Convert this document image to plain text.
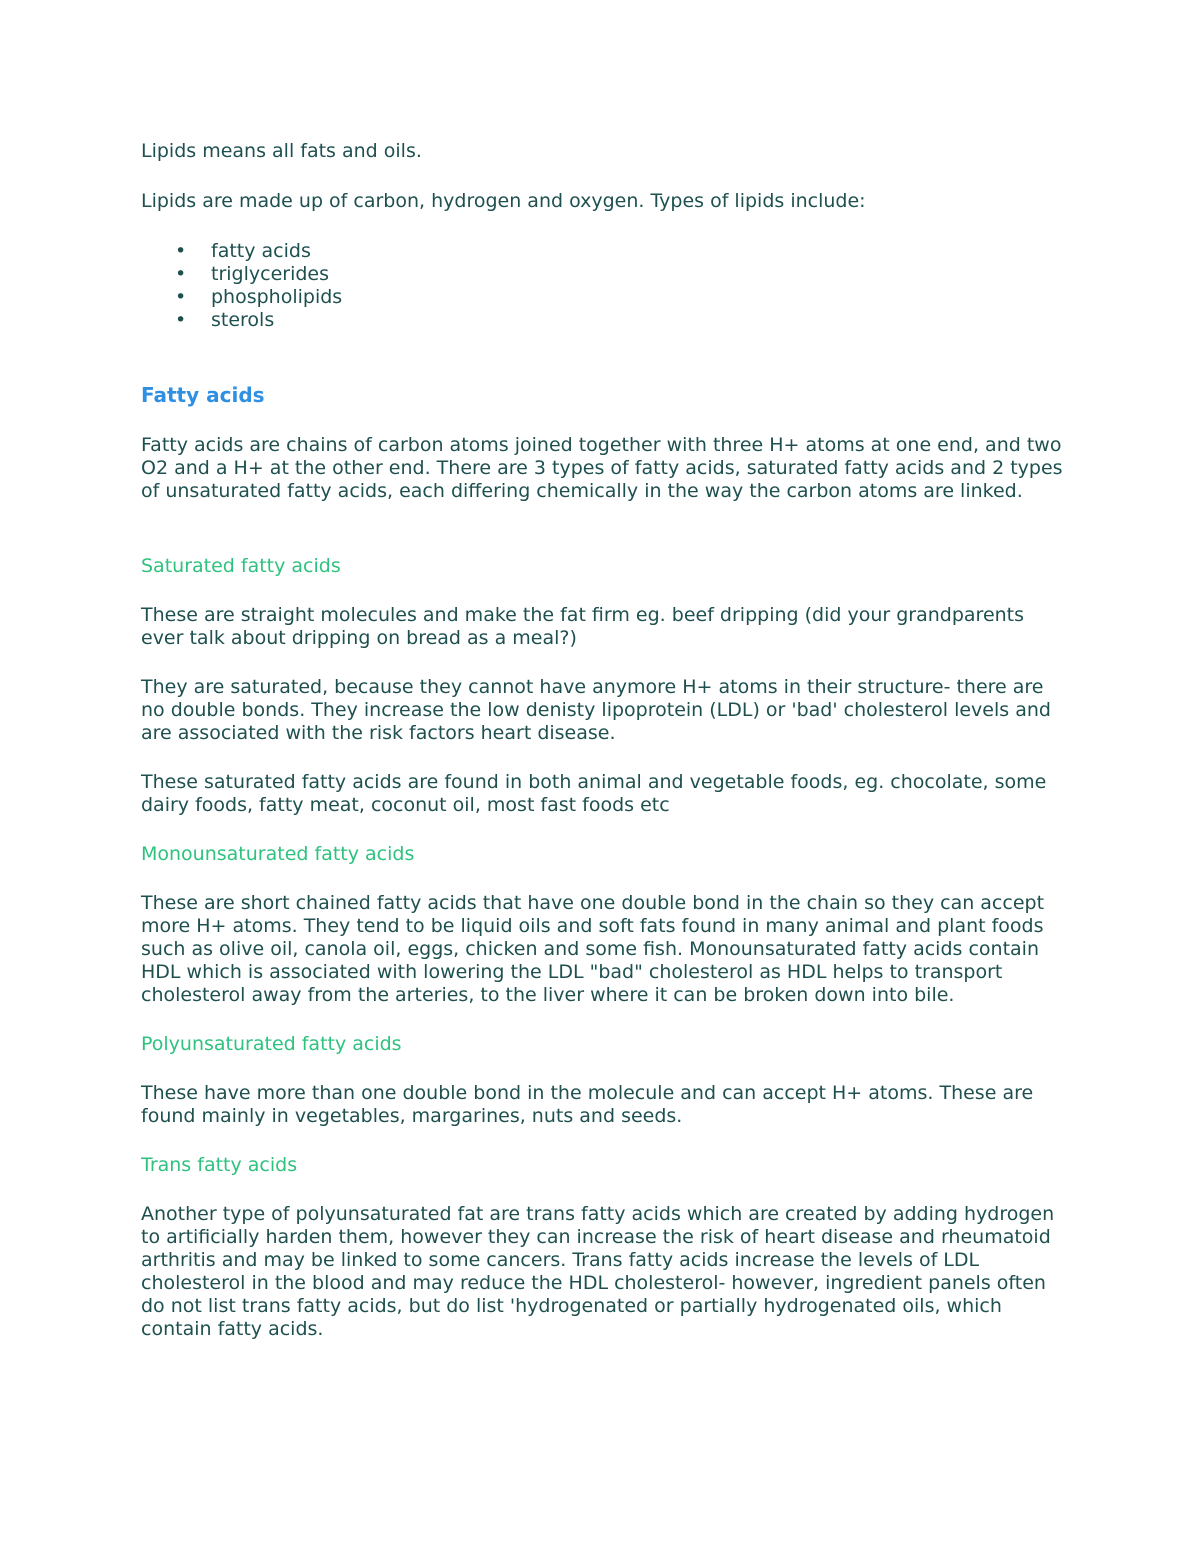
Lipids means all fats and oils.

Lipids are made up of carbon, hydrogen and oxygen. Types of lipids include:

• fatty acids
• triglycerides
• phospholipids
• sterols
Fatty acids

Fatty acids are chains of carbon atoms joined together with three H+ atoms at one end, and two O2 and a H+ at the other end. There are 3 types of fatty acids, saturated fatty acids and 2 types of unsaturated fatty acids, each differing chemically in the way the carbon atoms are linked.

Saturated fatty acids

These are straight molecules and make the fat firm eg. beef dripping (did your grandparents ever talk about dripping on bread as a meal?)

They are saturated, because they cannot have anymore H+ atoms in their structure- there are no double bonds. They increase the low denisty lipoprotein (LDL) or 'bad' cholesterol levels and are associated with the risk factors heart disease.

These saturated fatty acids are found in both animal and vegetable foods, eg. chocolate, some dairy foods, fatty meat, coconut oil, most fast foods etc

Monounsaturated fatty acids

These are short chained fatty acids that have one double bond in the chain so they can accept more H+ atoms. They tend to be liquid oils and soft fats found in many animal and plant foods such as olive oil, canola oil, eggs, chicken and some fish. Monounsaturated fatty acids contain HDL which is associated with lowering the LDL "bad" cholesterol as HDL helps to transport cholesterol away from the arteries, to the liver where it can be broken down into bile.

Polyunsaturated fatty acids

These have more than one double bond in the molecule and can accept H+ atoms. These are found mainly in vegetables, margarines, nuts and seeds.

Trans fatty acids

Another type of polyunsaturated fat are trans fatty acids which are created by adding hydrogen to artificially harden them, however they can increase the risk of heart disease and rheumatoid arthritis and may be linked to some cancers. Trans fatty acids increase the levels of LDL cholesterol in the blood and may reduce the HDL cholesterol- however, ingredient panels often do not list trans fatty acids, but do list 'hydrogenated or partially hydrogenated oils, which contain fatty acids.
